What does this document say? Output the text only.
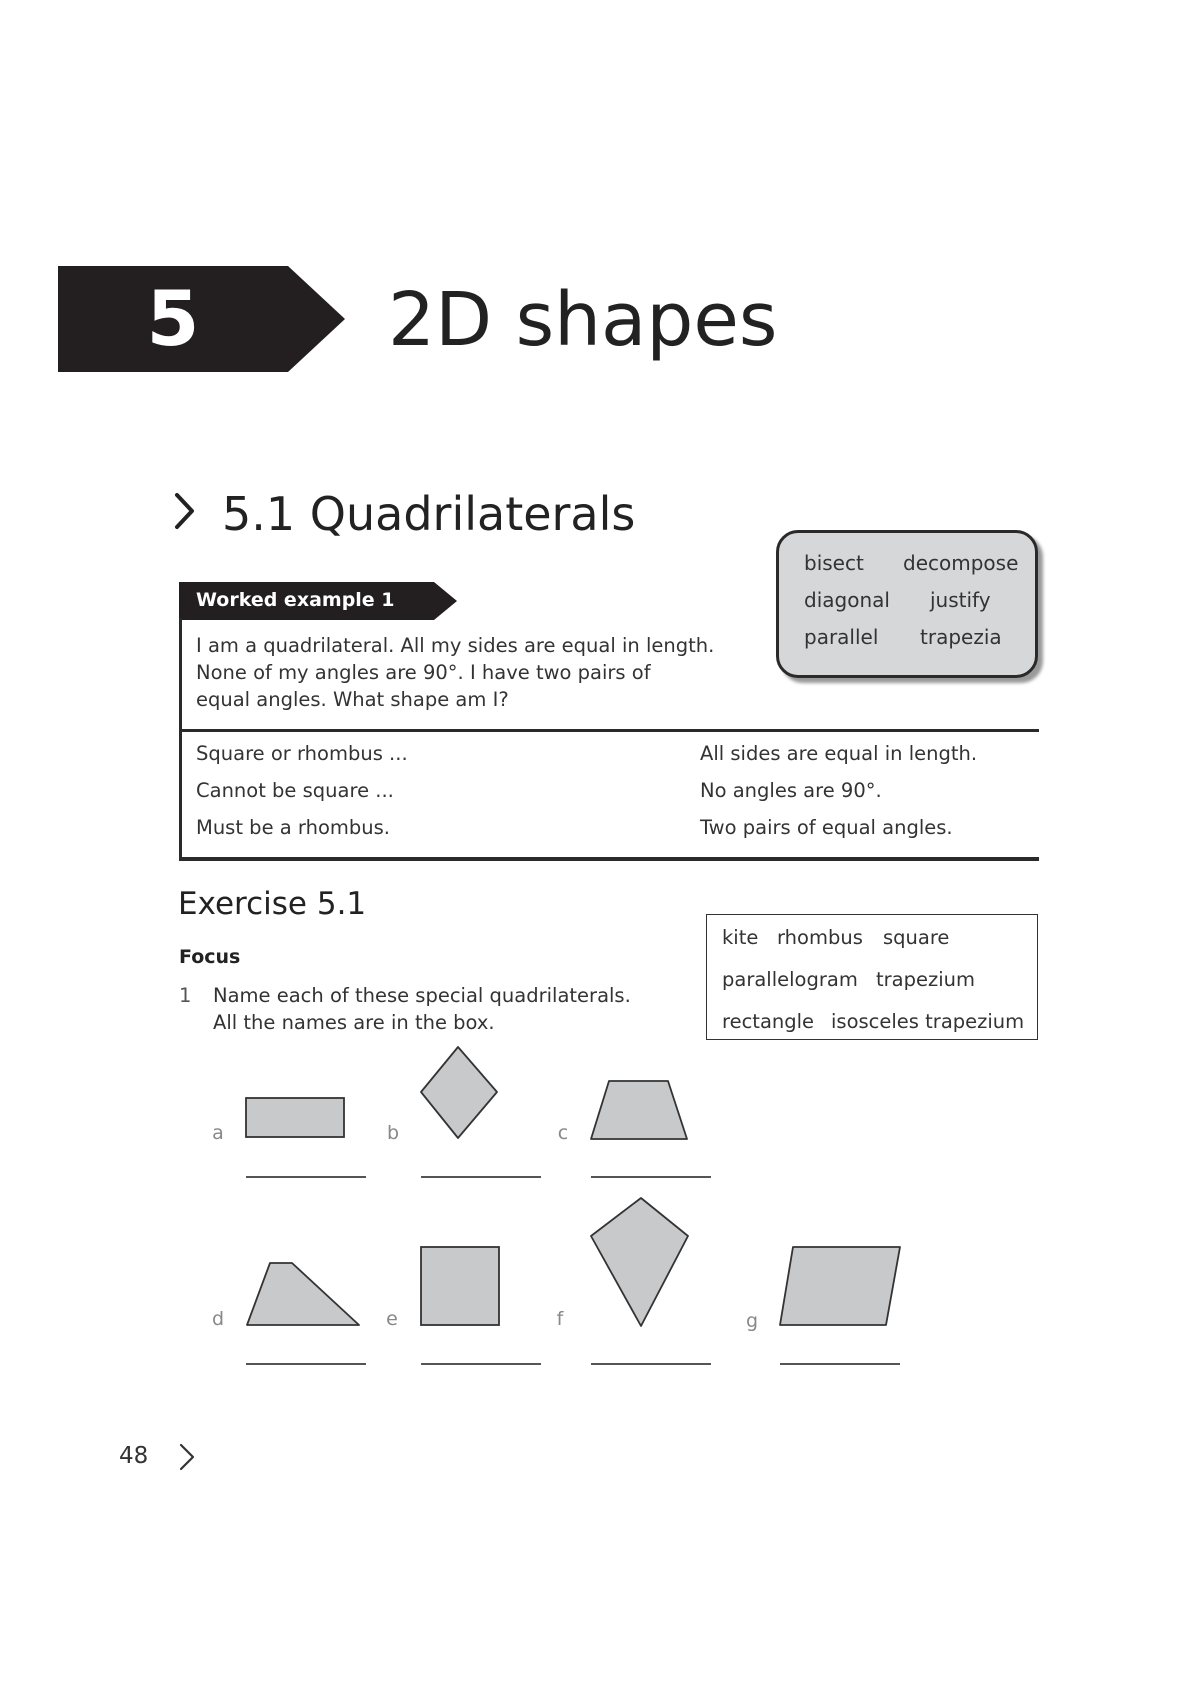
5	2D shapes
5.1 Quadrilaterals
bisect decompose
diagonal justify
parallel trapezia
Worked example 1
I am a quadrilateral. All my sides are equal in length.
None of my angles are 90°. I have two pairs of
equal angles. What shape am I?
Square or rhombus ...	All sides are equal in length.
Cannot be square ...	No angles are 90°.
Must be a rhombus.	Two pairs of equal angles.
Exercise 5.1
Focus
1 Name each of these special quadrilaterals.
All the names are in the box.
kite rhombus square
parallelogram trapezium
rectangle isosceles trapezium
a	b	c
d	e	f	g
48
